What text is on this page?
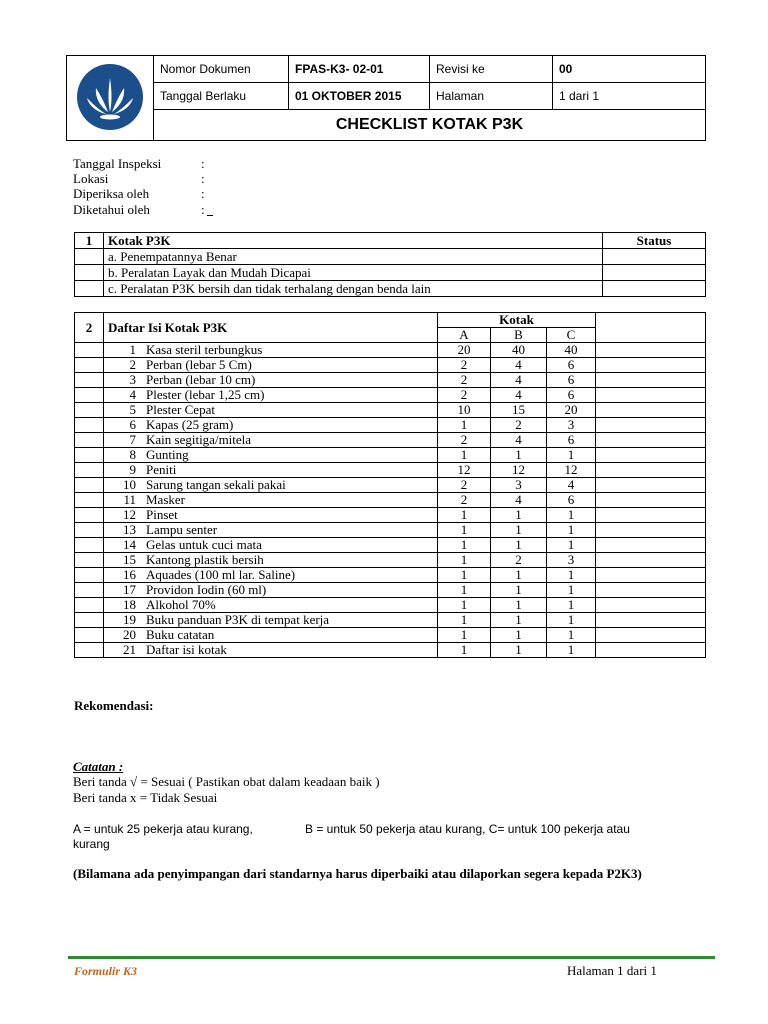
	Nomor Dokumen	FPAS-K3- 02-01	Revisi ke	00
	Tanggal Berlaku	01 OKTOBER 2015	Halaman	1 dari 1
	CHECKLIST KOTAK P3K			
Tanggal Inspeksi	:
Lokasi	:
Diperiksa oleh	:
Diketahui oleh	:
1	Kotak P3K	Status
	a. Penempatannya Benar	
	b. Peralatan Layak dan Mudah Dicapai	
	c. Peralatan P3K bersih dan tidak terhalang dengan benda lain	
2	Daftar Isi Kotak P3K	Kotak			
		A	B	C	
	1 Kasa steril terbungkus	20	40	40	
	2 Perban (lebar 5 Cm)	2	4	6	
	3 Perban (lebar 10 cm)	2	4	6	
	4 Plester (lebar 1,25 cm)	2	4	6	
	5 Plester Cepat	10	15	20	
	6 Kapas (25 gram)	1	2	3	
	7 Kain segitiga/mitela	2	4	6	
	8 Gunting	1	1	1	
	9 Peniti	12	12	12	
	10 Sarung tangan sekali pakai	2	3	4	
	11 Masker	2	4	6	
	12 Pinset	1	1	1	
	13 Lampu senter	1	1	1	
	14 Gelas untuk cuci mata	1	1	1	
	15 Kantong plastik bersih	1	2	3	
	16 Aquades (100 ml lar. Saline)	1	1	1	
	17 Providon Iodin (60 ml)	1	1	1	
	18 Alkohol 70%	1	1	1	
	19 Buku panduan P3K di tempat kerja	1	1	1	
	20 Buku catatan	1	1	1	
	21 Daftar isi kotak	1	1	1	
Rekomendasi:
Catatan :
Beri tanda √ = Sesuai ( Pastikan obat dalam keadaan baik )
Beri tanda x = Tidak Sesuai
A = untuk 25 pekerja atau kurang,	B = untuk 50 pekerja atau kurang, C= untuk 100 pekerja atau
kurang
(Bilamana ada penyimpangan dari standarnya harus diperbaiki atau dilaporkan segera kepada P2K3)
Formulir K3	Halaman 1 dari 1
